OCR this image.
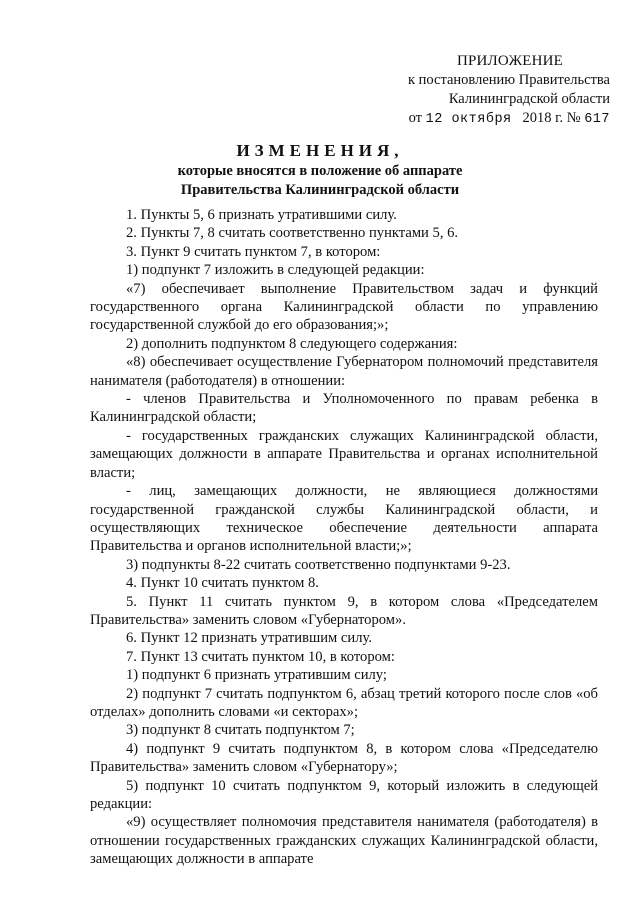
ПРИЛОЖЕНИЕ
к постановлению Правительства
Калининградской области
от 12 октября 2018 г. № 617
ИЗМЕНЕНИЯ,
которые вносятся в положение об аппарате
Правительства Калининградской области

1. Пункты 5, 6 признать утратившими силу.

2. Пункты 7, 8 считать соответственно пунктами 5, 6.

3. Пункт 9 считать пунктом 7, в котором:

1) подпункт 7 изложить в следующей редакции:

«7) обеспечивает выполнение Правительством задач и функций государственного органа Калининградской области по управлению государственной службой до его образования;»;

2) дополнить подпунктом 8 следующего содержания:

«8) обеспечивает осуществление Губернатором полномочий представителя нанимателя (работодателя) в отношении:

- членов Правительства и Уполномоченного по правам ребенка в Калининградской области;

- государственных гражданских служащих Калининградской области, замещающих должности в аппарате Правительства и органах исполнительной власти;

- лиц, замещающих должности, не являющиеся должностями государственной гражданской службы Калининградской области, и осуществляющих техническое обеспечение деятельности аппарата Правительства и органов исполнительной власти;»;

3) подпункты 8-22 считать соответственно подпунктами 9-23.

4. Пункт 10 считать пунктом 8.

5. Пункт 11 считать пунктом 9, в котором слова «Председателем Правительства» заменить словом «Губернатором».

6. Пункт 12 признать утратившим силу.

7. Пункт 13 считать пунктом 10, в котором:

1) подпункт 6 признать утратившим силу;

2) подпункт 7 считать подпунктом 6, абзац третий которого после слов «об отделах» дополнить словами «и секторах»;

3) подпункт 8 считать подпунктом 7;

4) подпункт 9 считать подпунктом 8, в котором слова «Председателю Правительства» заменить словом «Губернатору»;

5) подпункт 10 считать подпунктом 9, который изложить в следующей редакции:

«9) осуществляет полномочия представителя нанимателя (работодателя) в отношении государственных гражданских служащих Калининградской области, замещающих должности в аппарате
